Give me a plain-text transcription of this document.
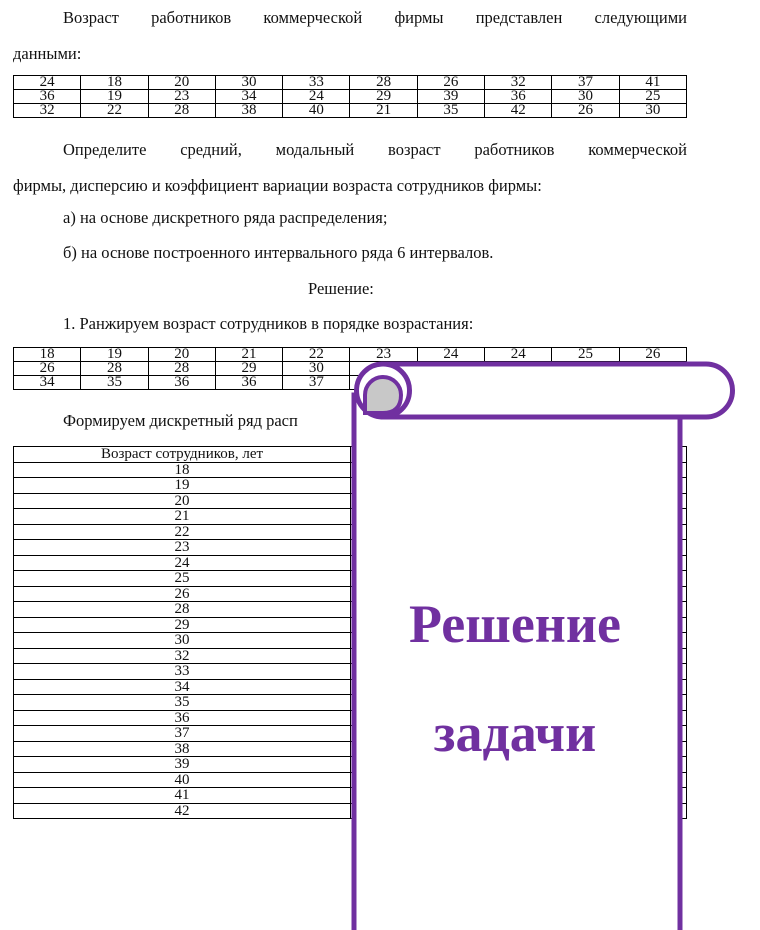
Возраст работников коммерческой фирмы представлен следующими
данными:
24	18	20	30	33	28	26	32	37	41
36	19	23	34	24	29	39	36	30	25
32	22	28	38	40	21	35	42	26	30
Определите средний, модальный возраст работников коммерческой
фирмы, дисперсию и коэффициент вариации возраста сотрудников фирмы:
а) на основе дискретного ряда распределения;
б) на основе построенного интервального ряда 6 интервалов.
Решение:
1. Ранжируем возраст сотрудников в порядке возрастания:
18	19	20	21	22	23	24	24	25	26
26	28	28	29	30					
34	35	36	36	37					
Формируем дискретный ряд расп
Возраст сотрудников, лет	
18	
19	
20	
21	
22	
23	
24	
25	
26	
28	
29	
30	
32	
33	
34	
35	
36	
37	
38	
39	
40	
41	
42	
Решение
задачи
